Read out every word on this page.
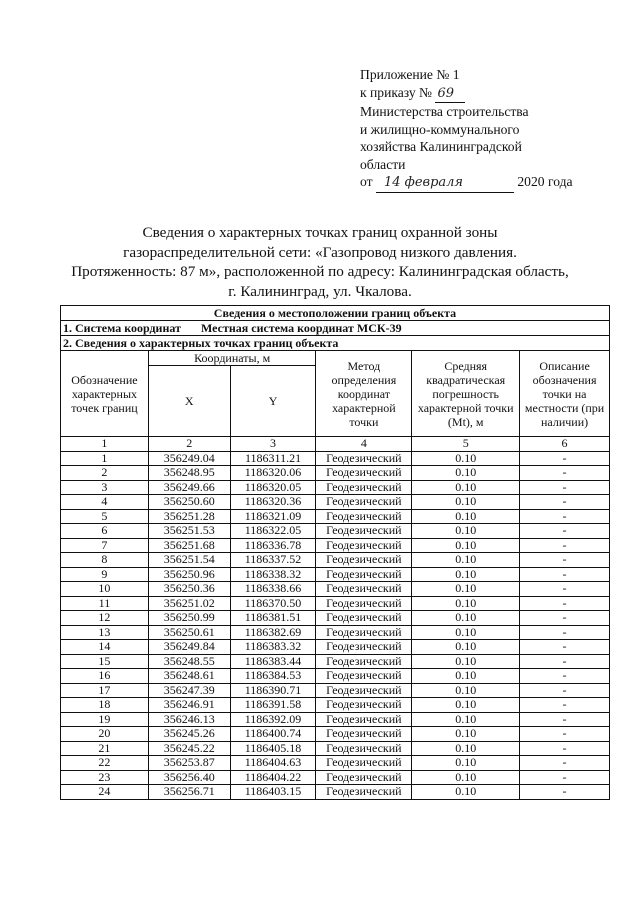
Приложение № 1
к приказу № 69
Министерства строительства
и жилищно-коммунального
хозяйства Калининградской
области
от 14 февраля	2020 года
Сведения о характерных точках границ охранной зоны
газораспределительной сети: «Газопровод низкого давления.
Протяженность: 87 м», расположенной по адресу: Калининградская область,
г. Калининград, ул. Чкалова.
Сведения о местоположении границ объекта					
1. Система координат Местная система координат МСК-39					
2. Сведения о характерных точках границ объекта					
Обозначение характерных точек границ	Координаты, м		Метод определения координат характерной точки	Средняя квадратическая погрешность характерной точки (Mt), м	Описание обозначения точки на местности (при наличии)
	X	Y			
1	2	3	4	5	6
1	356249.04	1186311.21	Геодезический	0.10	-
2	356248.95	1186320.06	Геодезический	0.10	-
3	356249.66	1186320.05	Геодезический	0.10	-
4	356250.60	1186320.36	Геодезический	0.10	-
5	356251.28	1186321.09	Геодезический	0.10	-
6	356251.53	1186322.05	Геодезический	0.10	-
7	356251.68	1186336.78	Геодезический	0.10	-
8	356251.54	1186337.52	Геодезический	0.10	-
9	356250.96	1186338.32	Геодезический	0.10	-
10	356250.36	1186338.66	Геодезический	0.10	-
11	356251.02	1186370.50	Геодезический	0.10	-
12	356250.99	1186381.51	Геодезический	0.10	-
13	356250.61	1186382.69	Геодезический	0.10	-
14	356249.84	1186383.32	Геодезический	0.10	-
15	356248.55	1186383.44	Геодезический	0.10	-
16	356248.61	1186384.53	Геодезический	0.10	-
17	356247.39	1186390.71	Геодезический	0.10	-
18	356246.91	1186391.58	Геодезический	0.10	-
19	356246.13	1186392.09	Геодезический	0.10	-
20	356245.26	1186400.74	Геодезический	0.10	-
21	356245.22	1186405.18	Геодезический	0.10	-
22	356253.87	1186404.63	Геодезический	0.10	-
23	356256.40	1186404.22	Геодезический	0.10	-
24	356256.71	1186403.15	Геодезический	0.10	-
